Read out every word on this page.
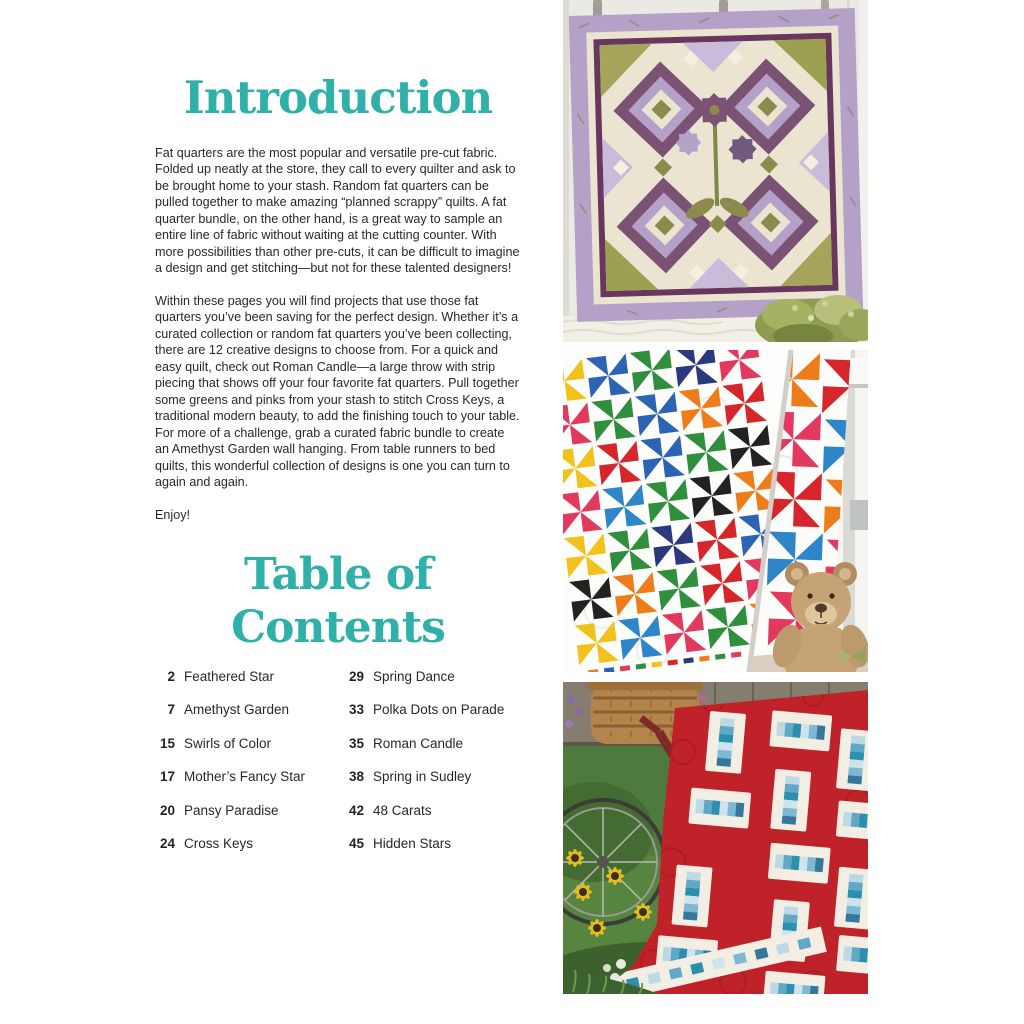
Introduction

Fat quarters are the most popular and versatile pre-cut fabric. Folded up neatly at the store, they call to every quilter and ask to be brought home to your stash. Random fat quarters can be pulled together to make amazing “planned scrappy” quilts. A fat quarter bundle, on the other hand, is a great way to sample an entire line of fabric without waiting at the cutting counter. With more possibilities than other pre-cuts, it can be difficult to imagine a design and get stitching—but not for these talented designers!

Within these pages you will find projects that use those fat quarters you’ve been saving for the perfect design. Whether it’s a curated collection or random fat quarters you’ve been collecting, there are 12 creative designs to choose from. For a quick and easy quilt, check out Roman Candle—a large throw with strip piecing that shows off your four favorite fat quarters. Pull together some greens and pinks from your stash to stitch Cross Keys, a traditional modern beauty, to add the finishing touch to your table. For more of a challenge, grab a curated fabric bundle to create an Amethyst Garden wall hanging. From table runners to bed quilts, this wonderful collection of designs is one you can turn to again and again.

Enjoy!

Table of Contents
2 Feathered Star
7 Amethyst Garden
15 Swirls of Color
17 Mother’s Fancy Star
20 Pansy Paradise
24 Cross Keys
29 Spring Dance
33 Polka Dots on Parade
35 Roman Candle
38 Spring in Sudley
42 48 Carats
45 Hidden Stars
